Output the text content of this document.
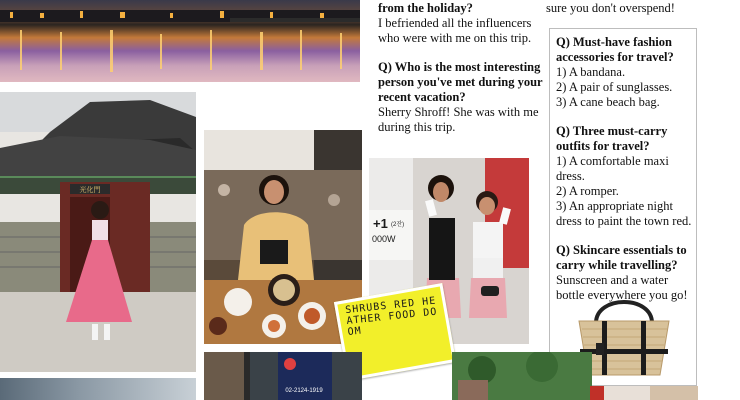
from the holiday?

I befriended all the influencers who were with me on this trip.

Q) Who is the most interesting person you've met during your recent vacation?

Sherry Shroff! She was with me during this trip.

sure you don't overspend!

Q) Must-have fashion accessories for travel?

1) A bandana.

2) A pair of sunglasses.

3) A cane beach bag.

Q) Three must-carry outfits for travel?

1) A comfortable maxi dress.

2) A romper.

3) An appropriate night dress to paint the town red.

Q) Skincare essentials to carry while travelling?

Sunscreen and a water bottle everywhere you go!

光化門
+1 (2잔)
000W
SHRUBS RED HEATHER FOOD DOOM
02-2124-1919
